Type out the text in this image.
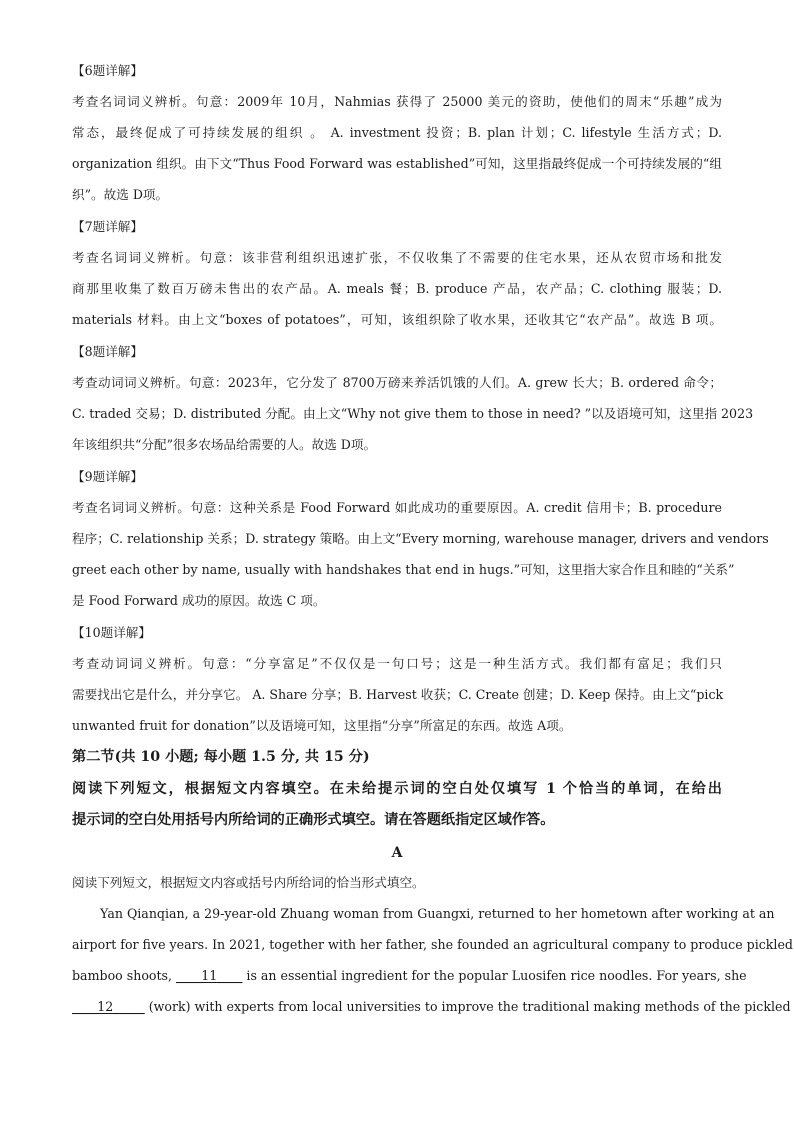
【6题详解】
考查名词词义辨析。句意：2009年 10月，Nahmias 获得了 25000 美元的资助，使他们的周末“乐趣”成为
常态，最终促成了可持续发展的组织 。 A. investment 投资；B. plan 计划；C. lifestyle 生活方式；D.
organization 组织。由下文“Thus Food Forward was established”可知，这里指最终促成一个可持续发展的“组
织”。故选 D项。
【7题详解】
考查名词词义辨析。句意：该非营利组织迅速扩张，不仅收集了不需要的住宅水果，还从农贸市场和批发
商那里收集了数百万磅未售出的农产品。A. meals 餐；B. produce 产品，农产品；C. clothing 服装；D.
materials 材料。由上文“boxes of potatoes”，可知，该组织除了收水果，还收其它“农产品”。故选 B 项。
【8题详解】
考查动词词义辨析。句意：2023年，它分发了 8700万磅来养活饥饿的人们。A. grew 长大；B. ordered 命令；
C. traded 交易；D. distributed 分配。由上文“Why not give them to those in need? ”以及语境可知，这里指 2023
年该组织共“分配”很多农场品给需要的人。故选 D项。
【9题详解】
考查名词词义辨析。句意：这种关系是 Food Forward 如此成功的重要原因。A. credit 信用卡；B. procedure
程序；C. relationship 关系；D. strategy 策略。由上文“Every morning, warehouse manager, drivers and vendors
greet each other by name, usually with handshakes that end in hugs.”可知，这里指大家合作且和睦的“关系”
是 Food Forward 成功的原因。故选 C 项。
【10题详解】
考查动词词义辨析。句意：“分享富足”不仅仅是一句口号；这是一种生活方式。我们都有富足；我们只
需要找出它是什么，并分享它。 A. Share 分享；B. Harvest 收获；C. Create 创建；D. Keep 保持。由上文“pick
unwanted fruit for donation”以及语境可知，这里指“分享”所富足的东西。故选 A项。
第二节(共 10 小题; 每小题 1.5 分, 共 15 分)
阅读下列短文，根据短文内容填空。在未给提示词的空白处仅填写 1 个恰当的单词，在给出
提示词的空白处用括号内所给词的正确形式填空。请在答题纸指定区域作答。
A
阅读下列短文，根据短文内容或括号内所给词的恰当形式填空。
Yan Qianqian, a 29-year-old Zhuang woman from Guangxi, returned to her hometown after working at an
airport for five years. In 2021, together with her father, she founded an agricultural company to produce pickled
bamboo shoots, ____11____ is an essential ingredient for the popular Luosifen rice noodles. For years, she
____12_____ (work) with experts from local universities to improve the traditional making methods of the pickled
